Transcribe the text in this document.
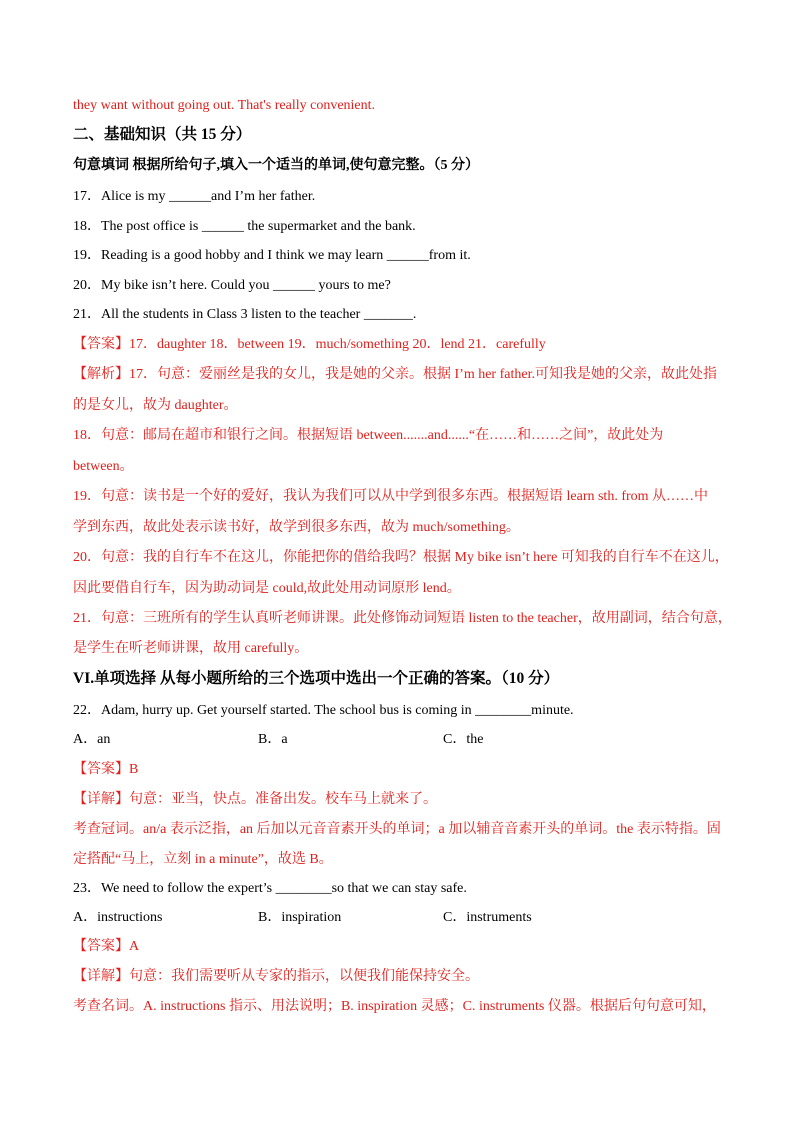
they want without going out. That's really convenient.
二、基础知识（共 15 分）
句意填词 根据所给句子,填入一个适当的单词,使句意完整。（5 分）
17．Alice is my ______and I’m her father.
18．The post office is ______ the supermarket and the bank.
19．Reading is a good hobby and I think we may learn ______from it.
20．My bike isn’t here. Could you ______ yours to me?
21．All the students in Class 3 listen to the teacher _______.
【答案】17．daughter 18．between 19．much/something 20．lend 21．carefully
【解析】17．句意：爱丽丝是我的女儿，我是她的父亲。根据 I’m her father.可知我是她的父亲，故此处指
的是女儿，故为 daughter。
18．句意：邮局在超市和银行之间。根据短语 between.......and......“在……和……之间”，故此处为
between。
19．句意：读书是一个好的爱好，我认为我们可以从中学到很多东西。根据短语 learn sth. from 从……中
学到东西，故此处表示读书好，故学到很多东西，故为 much/something。
20．句意：我的自行车不在这儿，你能把你的借给我吗？根据 My bike isn’t here 可知我的自行车不在这儿，
因此要借自行车，因为助动词是 could,故此处用动词原形 lend。
21．句意：三班所有的学生认真听老师讲课。此处修饰动词短语 listen to the teacher，故用副词，结合句意，
是学生在听老师讲课，故用 carefully。
VI.单项选择 从每小题所给的三个选项中选出一个正确的答案。（10 分）
22．Adam, hurry up. Get yourself started. The school bus is coming in ________minute.
A．an	B．a	C．the
【答案】B
【详解】句意：亚当，快点。准备出发。校车马上就来了。
考查冠词。an/a 表示泛指，an 后加以元音音素开头的单词；a 加以辅音音素开头的单词。the 表示特指。固
定搭配“马上，立刻 in a minute”，故选 B。
23．We need to follow the expert’s ________so that we can stay safe.
A．instructions	B．inspiration	C．instruments
【答案】A
【详解】句意：我们需要听从专家的指示，以便我们能保持安全。
考查名词。A. instructions 指示、用法说明；B. inspiration 灵感；C. instruments 仪器。根据后句句意可知，
